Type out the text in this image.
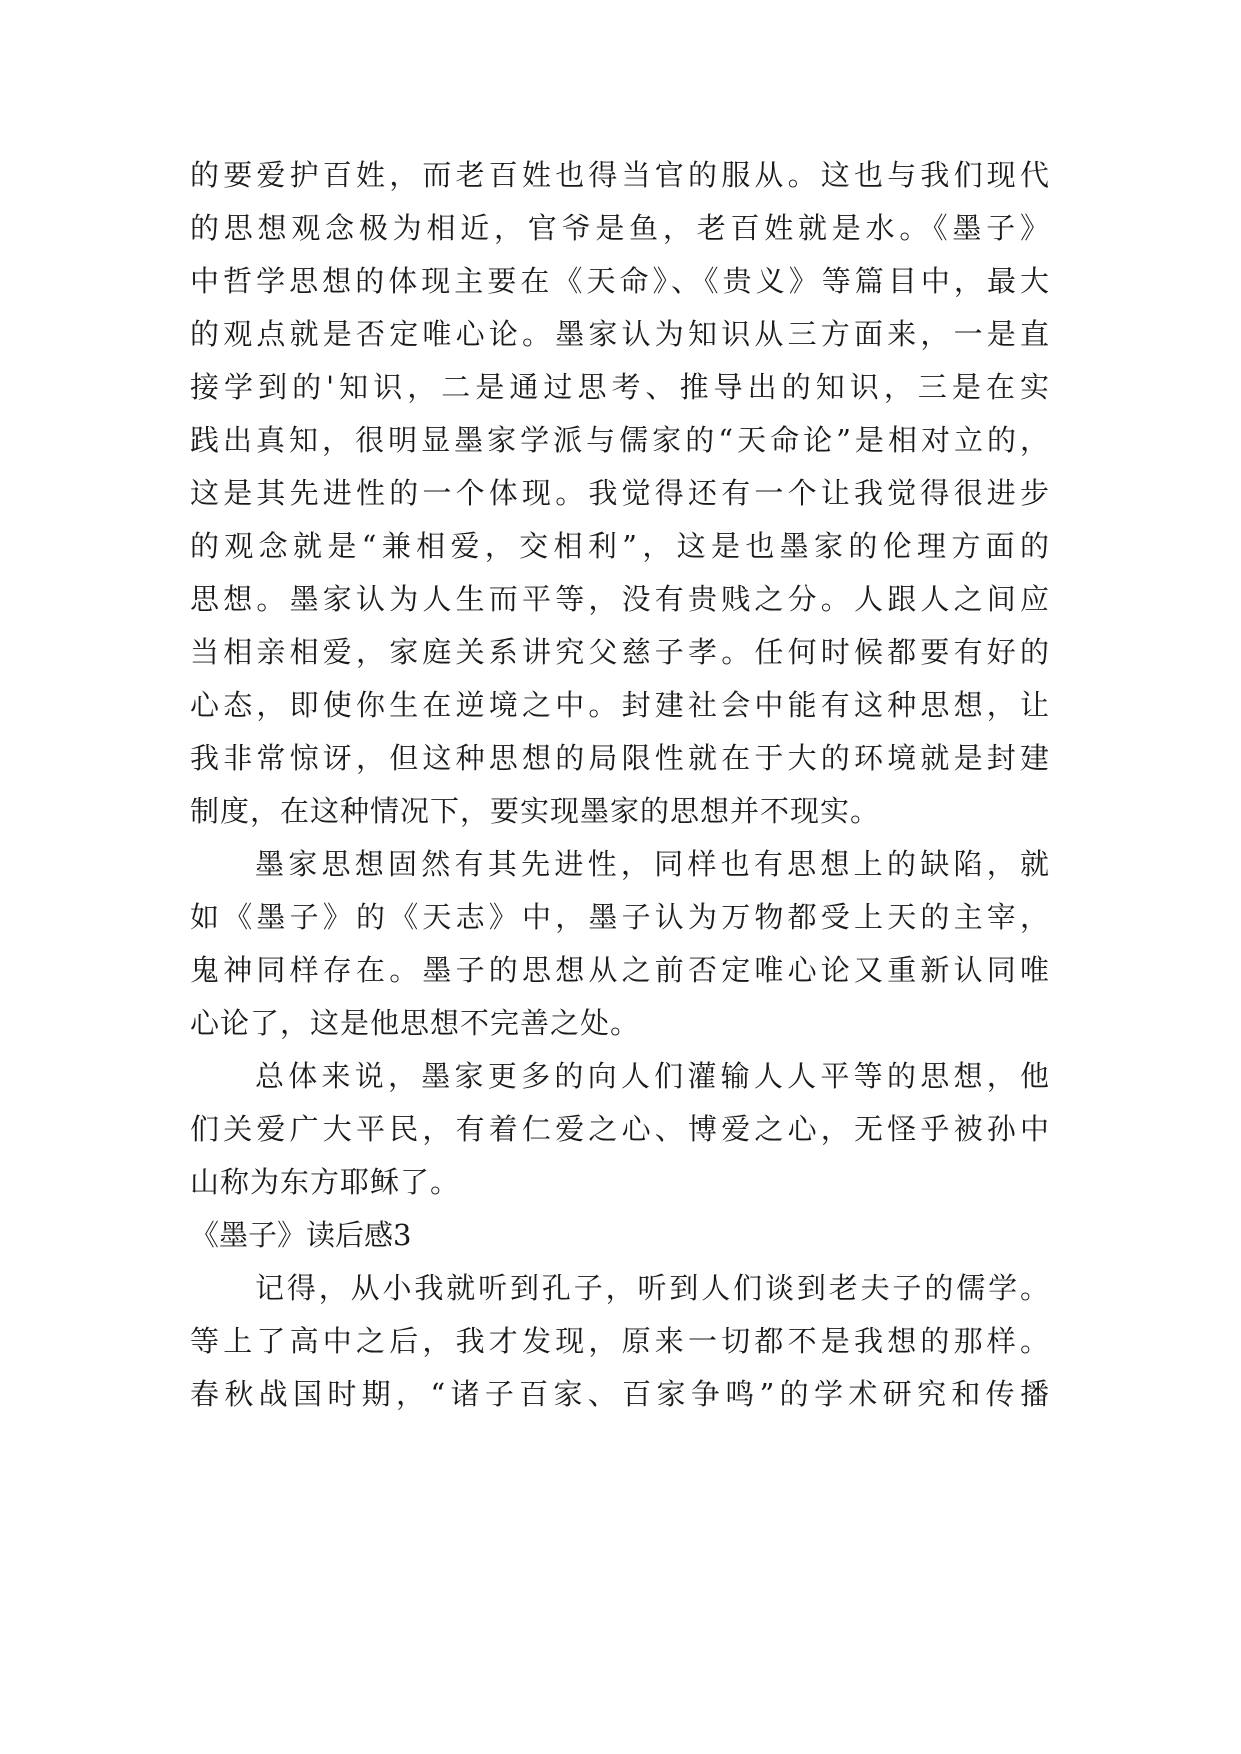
的要爱护百姓，而老百姓也得当官的服从。这也与我们现代
的思想观念极为相近，官爷是鱼，老百姓就是水。《墨子》
中哲学思想的体现主要在《天命》、《贵义》等篇目中，最大
的观点就是否定唯心论。墨家认为知识从三方面来，一是直
接学到的'知识，二是通过思考、推导出的知识，三是在实
践出真知，很明显墨家学派与儒家的“天命论”是相对立的，
这是其先进性的一个体现。我觉得还有一个让我觉得很进步
的观念就是“兼相爱，交相利”，这是也墨家的伦理方面的
思想。墨家认为人生而平等，没有贵贱之分。人跟人之间应
当相亲相爱，家庭关系讲究父慈子孝。任何时候都要有好的
心态，即使你生在逆境之中。封建社会中能有这种思想，让
我非常惊讶，但这种思想的局限性就在于大的环境就是封建
制度，在这种情况下，要实现墨家的思想并不现实。
墨家思想固然有其先进性，同样也有思想上的缺陷，就
如《墨子》的《天志》中，墨子认为万物都受上天的主宰，
鬼神同样存在。墨子的思想从之前否定唯心论又重新认同唯
心论了，这是他思想不完善之处。
总体来说，墨家更多的向人们灌输人人平等的思想，他
们关爱广大平民，有着仁爱之心、博爱之心，无怪乎被孙中
山称为东方耶稣了。
《墨子》读后感3
记得，从小我就听到孔子，听到人们谈到老夫子的儒学。
等上了高中之后，我才发现，原来一切都不是我想的那样。
春秋战国时期，“诸子百家、百家争鸣”的学术研究和传播
